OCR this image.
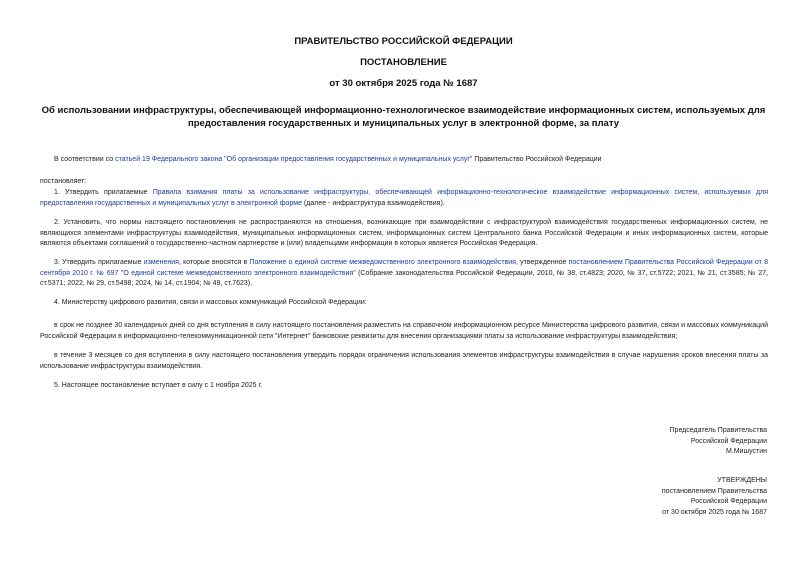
ПРАВИТЕЛЬСТВО РОССИЙСКОЙ ФЕДЕРАЦИИ
ПОСТАНОВЛЕНИЕ
от 30 октября 2025 года № 1687
Об использовании инфраструктуры, обеспечивающей информационно-технологическое взаимодействие информационных систем, используемых для
предоставления государственных и муниципальных услуг в электронной форме, за плату

В соответствии со статьей 19 Федерального закона "Об организации предоставления государственных и муниципальных услуг" Правительство Российской Федерации

постановляет:

1. Утвердить прилагаемые Правила взимания платы за использование инфраструктуры, обеспечивающей информационно-технологическое взаимодействие информационных систем, используемых для предоставления государственных и муниципальных услуг в электронной форме (далее - инфраструктура взаимодействия).

2. Установить, что нормы настоящего постановления не распространяются на отношения, возникающие при взаимодействии с инфраструктурой взаимодействия государственных информационных систем, не являющихся элементами инфраструктуры взаимодействия, муниципальных информационных систем, информационных систем Центрального банка Российской Федерации и иных информационных систем, которые являются объектами соглашений о государственно-частном партнерстве и (или) владельцами информации в которых является Российская Федерация.

3. Утвердить прилагаемые изменения, которые вносятся в Положение о единой системе межведомственного электронного взаимодействия, утвержденное постановлением Правительства Российской Федерации от 8 сентября 2010 г. № 697 "О единой системе межведомственного электронного взаимодействия" (Собрание законодательства Российской Федерации, 2010, № 38, ст.4823; 2020, № 37, ст.5722; 2021, № 21, ст.3585; № 27, ст.5371; 2022, № 29, ст.5498; 2024, № 14, ст.1904; № 49, ст.7623).

4. Министерству цифрового развития, связи и массовых коммуникаций Российской Федерации:

в срок не позднее 30 календарных дней со дня вступления в силу настоящего постановления разместить на справочном информационном ресурсе Министерства цифрового развития, связи и массовых коммуникаций Российской Федерации в информационно-телекоммуникационной сети "Интернет" банковские реквизиты для внесения организациями платы за использование инфраструктуры взаимодействия;

в течение 3 месяцев со дня вступления в силу настоящего постановления утвердить порядок ограничения использования элементов инфраструктуры взаимодействия в случае нарушения сроков внесения платы за использование инфраструктуры взаимодействия.

5. Настоящее постановление вступает в силу с 1 ноября 2025 г.

Председатель Правительства
Российской Федерации
М.Мишустин
УТВЕРЖДЕНЫ
постановлением Правительства
Российской Федерации
от 30 октября 2025 года № 1687
